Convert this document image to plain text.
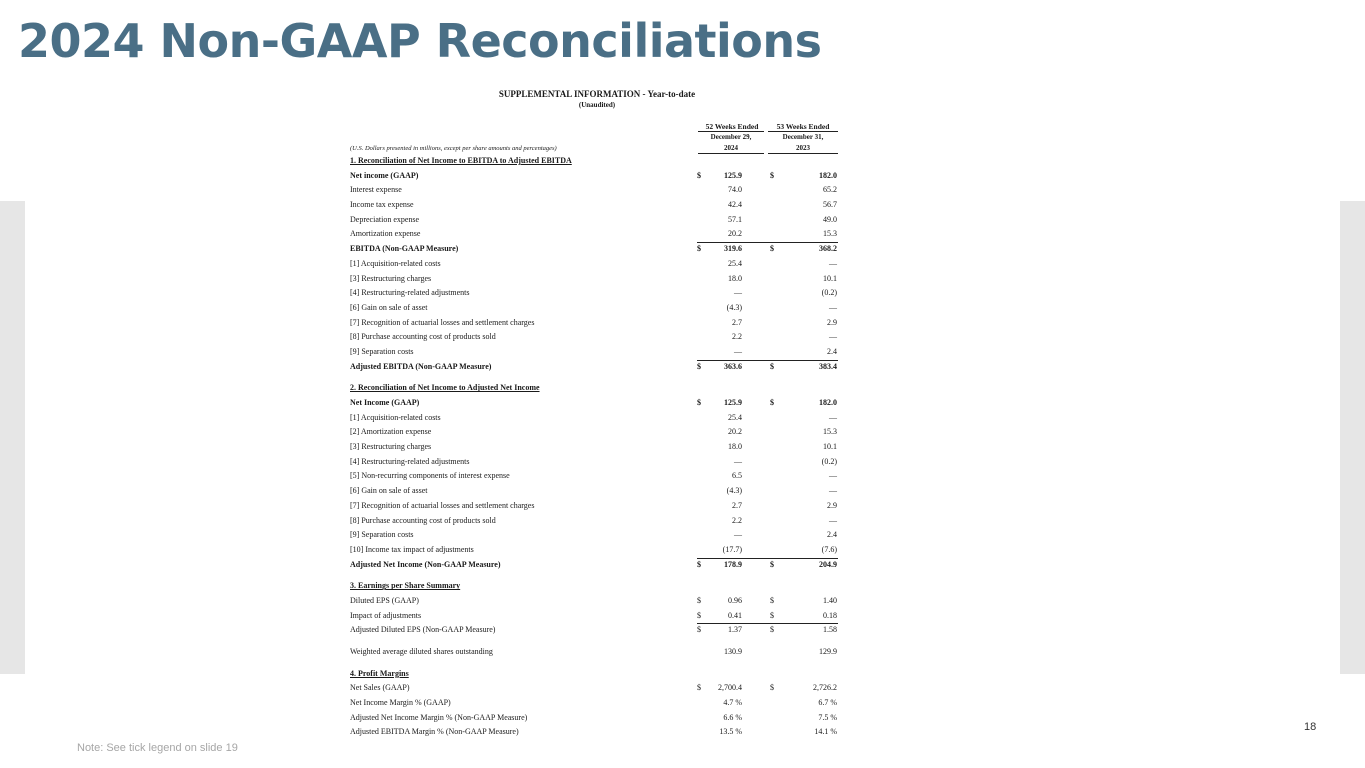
2024 Non-GAAP Reconciliations
SUPPLEMENTAL INFORMATION - Year-to-date
(Unaudited)
52 Weeks Ended	53 Weeks Ended
December 29,	December 31,
(U.S. Dollars presented in millions, except per share amounts and percentages)	2024	2023
1. Reconciliation of Net Income to EBITDA to Adjusted EBITDA
Net income (GAAP)	$	125.9	$	182.0
Interest expense	74.0	65.2
Income tax expense	42.4	56.7
Depreciation expense	57.1	49.0
Amortization expense	20.2	15.3
EBITDA (Non-GAAP Measure)	$	319.6	$	368.2
[1] Acquisition-related costs	25.4	—
[3] Restructuring charges	18.0	10.1
[4] Restructuring-related adjustments	—	(0.2)
[6] Gain on sale of asset	(4.3)	—
[7] Recognition of actuarial losses and settlement charges	2.7	2.9
[8] Purchase accounting cost of products sold	2.2	—
[9] Separation costs	—	2.4
Adjusted EBITDA (Non-GAAP Measure)	$	363.6	$	383.4
2. Reconciliation of Net Income to Adjusted Net Income
Net Income (GAAP)	$	125.9	$	182.0
[1] Acquisition-related costs	25.4	—
[2] Amortization expense	20.2	15.3
[3] Restructuring charges	18.0	10.1
[4] Restructuring-related adjustments	—	(0.2)
[5] Non-recurring components of interest expense	6.5	—
[6] Gain on sale of asset	(4.3)	—
[7] Recognition of actuarial losses and settlement charges	2.7	2.9
[8] Purchase accounting cost of products sold	2.2	—
[9] Separation costs	—	2.4
[10] Income tax impact of adjustments	(17.7)	(7.6)
Adjusted Net Income (Non-GAAP Measure)	$	178.9	$	204.9
3. Earnings per Share Summary
Diluted EPS (GAAP)	$	0.96	$	1.40
Impact of adjustments	$	0.41	$	0.18
Adjusted Diluted EPS (Non-GAAP Measure)	$	1.37	$	1.58
Weighted average diluted shares outstanding	130.9	129.9
4. Profit Margins
Net Sales (GAAP)	$ 2,700.4	$	2,726.2
Net Income Margin % (GAAP)	4.7 %	6.7 %
Adjusted Net Income Margin % (Non-GAAP Measure)	6.6 %	7.5 %
Adjusted EBITDA Margin % (Non-GAAP Measure)	13.5 %	14.1 %	18
Note: See tick legend on slide 19
